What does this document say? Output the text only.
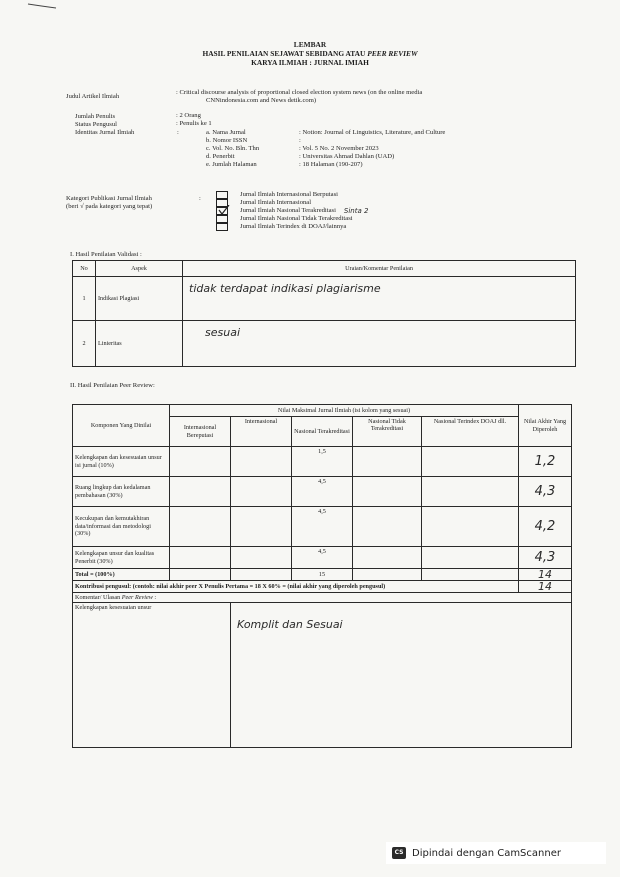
LEMBAR
HASIL PENILAIAN SEJAWAT SEBIDANG ATAU PEER REVIEW
KARYA ILMIAH : JURNAL IMIAH
Judul Artikel Ilmiah
: Critical discourse analysis of proportional closed election system news (on the online media
CNNindonesia.com and News detik.com)
Jumlah Penulis	: 2 Orang
Status Pengusul	: Penulis ke 1
Identitas Jurnal Ilmiah	:	a. Nama Jurnal	: Notion: Journal of Linguistics, Literature, and Culture
b. Nomor ISSN	:
c. Vol. No. Bln. Thn	: Vol. 5 No. 2 November 2023
d. Penerbit	: Universitas Ahmad Dahlan (UAD)
e. Jumlah Halaman	: 18 Halaman (190-207)
Kategori Publikasi Jurnal Ilmiah
(beri √ pada kategori yang tepat)
:
Jurnal Ilmiah Internasional Berputasi
Jurnal Ilmiah Internasional
Jurnal Ilmiah Nasional Terakreditasi Sinta 2
Jurnal Ilmiah Nasional Tidak Terakreditasi
Jurnal Ilmiah Terindex di DOAJ/lainnya
I. Hasil Penilaian Validasi :
No	Aspek	Uraian/Komentar Penilaian
1	Indikasi Plagiasi	tidak terdapat indikasi plagiarisme
2	Linieritas	sesuai
II. Hasil Penilaian Peer Review:
Komponen Yang Dinilai	Nilai Maksimal Jurnal Ilmiah (isi kolom yang sesuai)					Nilai Akhir Yang Diperoleh
	Internasional Bereputasi	Internasional	Nasional Terakreditasi	Nasional Tidak Terakreditasi	Nasional Terindex DOAJ dll.	
Kelengkapan dan kesesuaian unsur isi jurnal (10%)			1,5			1,2
Ruang lingkup dan kedalaman pembahasan (30%)			4,5			4,3
Kecukupan dan kemutakhiran data/informasi dan metodologi (30%)			4,5			4,2
Kelengkapan unsur dan kualitas Penerbit (30%)			4,5			4,3
Total = (100%)			15			14
Kontribusi pengusul: (contoh: nilai akhir peer X Penulis Pertama = 18 X 60% = (nilai akhir yang diperoleh pengusul)						14
Komentar/ Ulasan Peer Review :						
Kelengkapan kesesuaian unsur		Komplit dan Sesuai				
CS Dipindai dengan CamScanner
